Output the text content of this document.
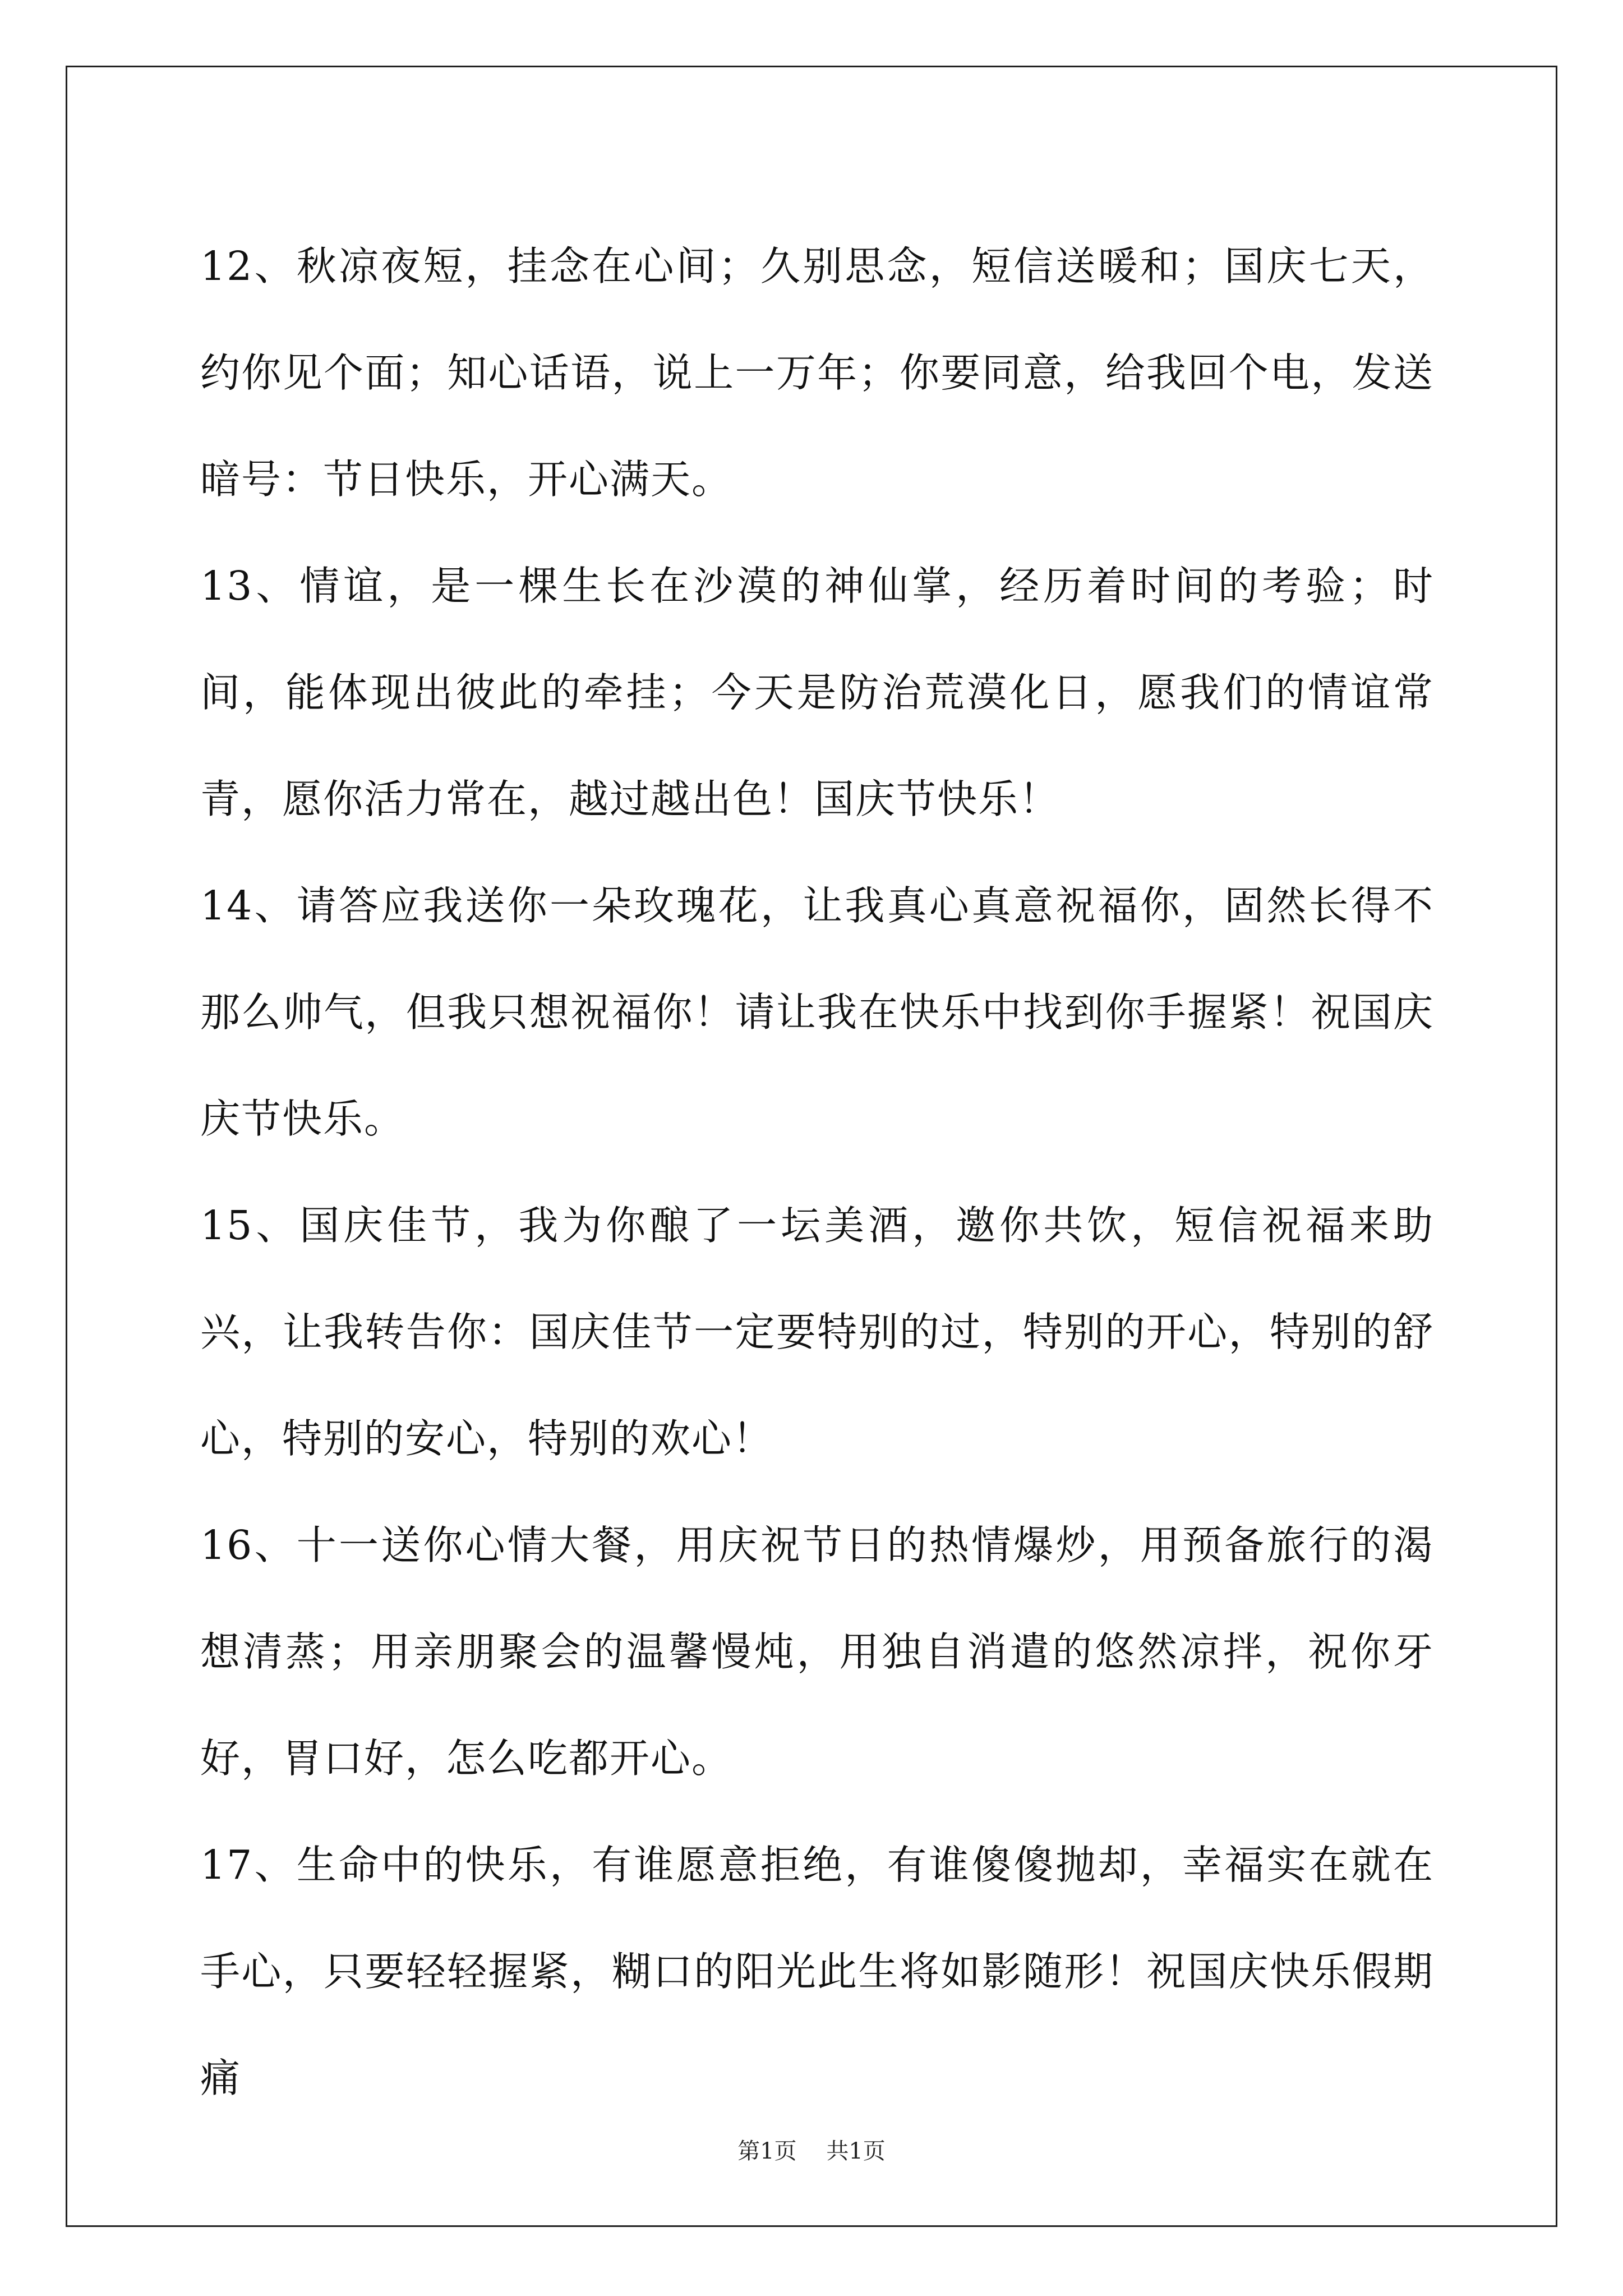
12、秋凉夜短，挂念在心间；久别思念，短信送暖和；国庆七天，约你见个面；知心话语，说上一万年；你要同意，给我回个电，发送暗号：节日快乐，开心满天。

13、情谊，是一棵生长在沙漠的神仙掌，经历着时间的考验；时间，能体现出彼此的牵挂；今天是防治荒漠化日，愿我们的情谊常青，愿你活力常在，越过越出色！国庆节快乐！

14、请答应我送你一朵玫瑰花，让我真心真意祝福你，固然长得不那么帅气，但我只想祝福你！请让我在快乐中找到你手握紧！祝国庆庆节快乐。

15、国庆佳节，我为你酿了一坛美酒，邀你共饮，短信祝福来助兴，让我转告你：国庆佳节一定要特别的过，特别的开心，特别的舒心，特别的安心，特别的欢心！

16、十一送你心情大餐，用庆祝节日的热情爆炒，用预备旅行的渴想清蒸；用亲朋聚会的温馨慢炖，用独自消遣的悠然凉拌，祝你牙好，胃口好，怎么吃都开心。

17、生命中的快乐，有谁愿意拒绝，有谁傻傻抛却，幸福实在就在手心，只要轻轻握紧，糊口的阳光此生将如影随形！祝国庆快乐假期痛

第1页 共1页
